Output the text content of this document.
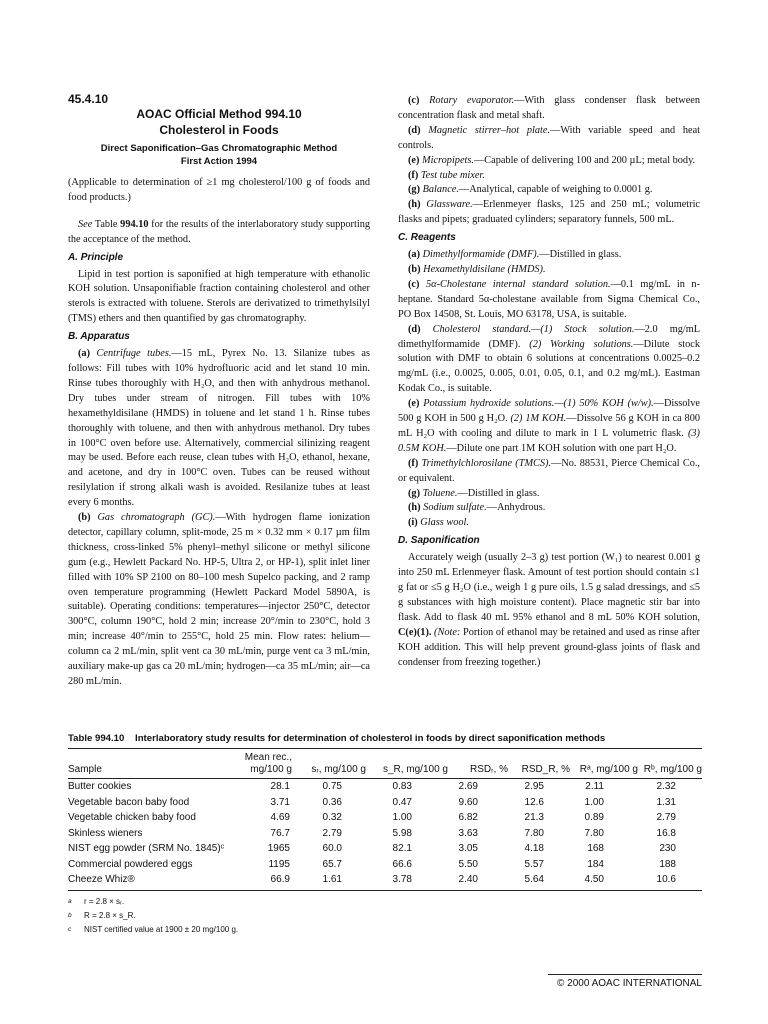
45.4.10
AOAC Official Method 994.10
Cholesterol in Foods
Direct Saponification–Gas Chromatographic Method
First Action 1994

(Applicable to determination of ≥1 mg cholesterol/100 g of foods and food products.)

See Table 994.10 for the results of the interlaboratory study supporting the acceptance of the method.

A. Principle

Lipid in test portion is saponified at high temperature with ethanolic KOH solution. Unsaponifiable fraction containing cholesterol and other sterols is extracted with toluene. Sterols are derivatized to trimethylsilyl (TMS) ethers and then quantified by gas chromatography.

B. Apparatus

(a) Centrifuge tubes.—15 mL, Pyrex No. 13. Silanize tubes as follows: Fill tubes with 10% hydrofluoric acid and let stand 10 min. Rinse tubes thoroughly with H₂O, and then with anhydrous methanol. Dry tubes under stream of nitrogen. Fill tubes with 10% hexamethyldisilane (HMDS) in toluene and let stand 1 h. Rinse tubes thoroughly with toluene, and then with anhydrous methanol. Dry tubes in 100°C oven before use. Alternatively, commercial silinizing reagent may be used. Before each reuse, clean tubes with H₂O, ethanol, hexane, and acetone, and dry in 100°C oven. Tubes can be reused without resilylation if strong alkali wash is avoided. Resilanize tubes at least every 6 months.

(b) Gas chromatograph (GC).—With hydrogen flame ionization detector, capillary column, split-mode, 25 m × 0.32 mm × 0.17 µm film thickness, cross-linked 5% phenyl–methyl silicone or methyl silicone gum (e.g., Hewlett Packard No. HP-5, Ultra 2, or HP-1), split inlet liner filled with 10% SP 2100 on 80–100 mesh Supelco packing, and 2 ramp oven temperature programming (Hewlett Packard Model 5890A, is suitable). Operating conditions: temperatures—injector 250°C, detector 300°C, column 190°C, hold 2 min; increase 20°/min to 230°C, hold 3 min; increase 40°/min to 255°C, hold 25 min. Flow rates: helium—column ca 2 mL/min, split vent ca 30 mL/min, purge vent ca 3 mL/min, auxiliary make-up gas ca 20 mL/min; hydrogen—ca 35 mL/min; air—ca 280 mL/min.

(c) Rotary evaporator.—With glass condenser flask between concentration flask and metal shaft.

(d) Magnetic stirrer–hot plate.—With variable speed and heat controls.

(e) Micropipets.—Capable of delivering 100 and 200 µL; metal body.

(f) Test tube mixer.

(g) Balance.—Analytical, capable of weighing to 0.0001 g.

(h) Glassware.—Erlenmeyer flasks, 125 and 250 mL; volumetric flasks and pipets; graduated cylinders; separatory funnels, 500 mL.

C. Reagents

(a) Dimethylformamide (DMF).—Distilled in glass.

(b) Hexamethyldisilane (HMDS).

(c) 5α-Cholestane internal standard solution.—0.1 mg/mL in n-heptane. Standard 5α-cholestane available from Sigma Chemical Co., PO Box 14508, St. Louis, MO 63178, USA, is suitable.

(d) Cholesterol standard.—(1) Stock solution.—2.0 mg/mL dimethylformamide (DMF). (2) Working solutions.—Dilute stock solution with DMF to obtain 6 solutions at concentrations 0.0025–0.2 mg/mL (i.e., 0.0025, 0.005, 0.01, 0.05, 0.1, and 0.2 mg/mL). Eastman Kodak Co., is suitable.

(e) Potassium hydroxide solutions.—(1) 50% KOH (w/w).—Dissolve 500 g KOH in 500 g H₂O. (2) 1M KOH.—Dissolve 56 g KOH in ca 800 mL H₂O with cooling and dilute to mark in 1 L volumetric flask. (3) 0.5M KOH.—Dilute one part 1M KOH solution with one part H₂O.

(f) Trimethylchlorosilane (TMCS).—No. 88531, Pierce Chemical Co., or equivalent.

(g) Toluene.—Distilled in glass.

(h) Sodium sulfate.—Anhydrous.

(i) Glass wool.

D. Saponification

Accurately weigh (usually 2–3 g) test portion (W₁) to nearest 0.001 g into 250 mL Erlenmeyer flask. Amount of test portion should contain ≤1 g fat or ≤5 g H₂O (i.e., weigh 1 g pure oils, 1.5 g salad dressings, and ≤5 g substances with high moisture content). Place magnetic stir bar into flask. Add to flask 40 mL 95% ethanol and 8 mL 50% KOH solution, C(e)(1). (Note: Portion of ethanol may be retained and used as rinse after KOH addition. This will help prevent ground-glass joints of flask and condenser from freezing together.)

Table 994.10 Interlaboratory study results for determination of cholesterol in foods by direct saponification methods
Sample
Mean rec.,
mg/100 g	sᵣ, mg/100 g	s_R, mg/100 g	RSDᵣ, %	RSD_R, % Rᵃ, mg/100 g Rᵇ, mg/100 g
Butter cookies	28.1	0.75	0.83	2.69	2.95	2.11	2.32
Vegetable bacon baby food	3.71	0.36	0.47	9.60	12.6	1.00	1.31
Vegetable chicken baby food	4.69	0.32	1.00	6.82	21.3	0.89	2.79
Skinless wieners	76.7	2.79	5.98	3.63	7.80	7.80	16.8
NIST egg powder (SRM No. 1845)ᶜ	1965	60.0	82.1	3.05	4.18	168	230
Commercial powdered eggs	1195	65.7	66.6	5.50	5.57	184	188
Cheeze Whiz®	66.9	1.61	3.78	2.40	5.64	4.50	10.6
a r = 2.8 × sᵣ.
b R = 2.8 × s_R.
c NIST certified value at 1900 ± 20 mg/100 g.
© 2000 AOAC INTERNATIONAL
